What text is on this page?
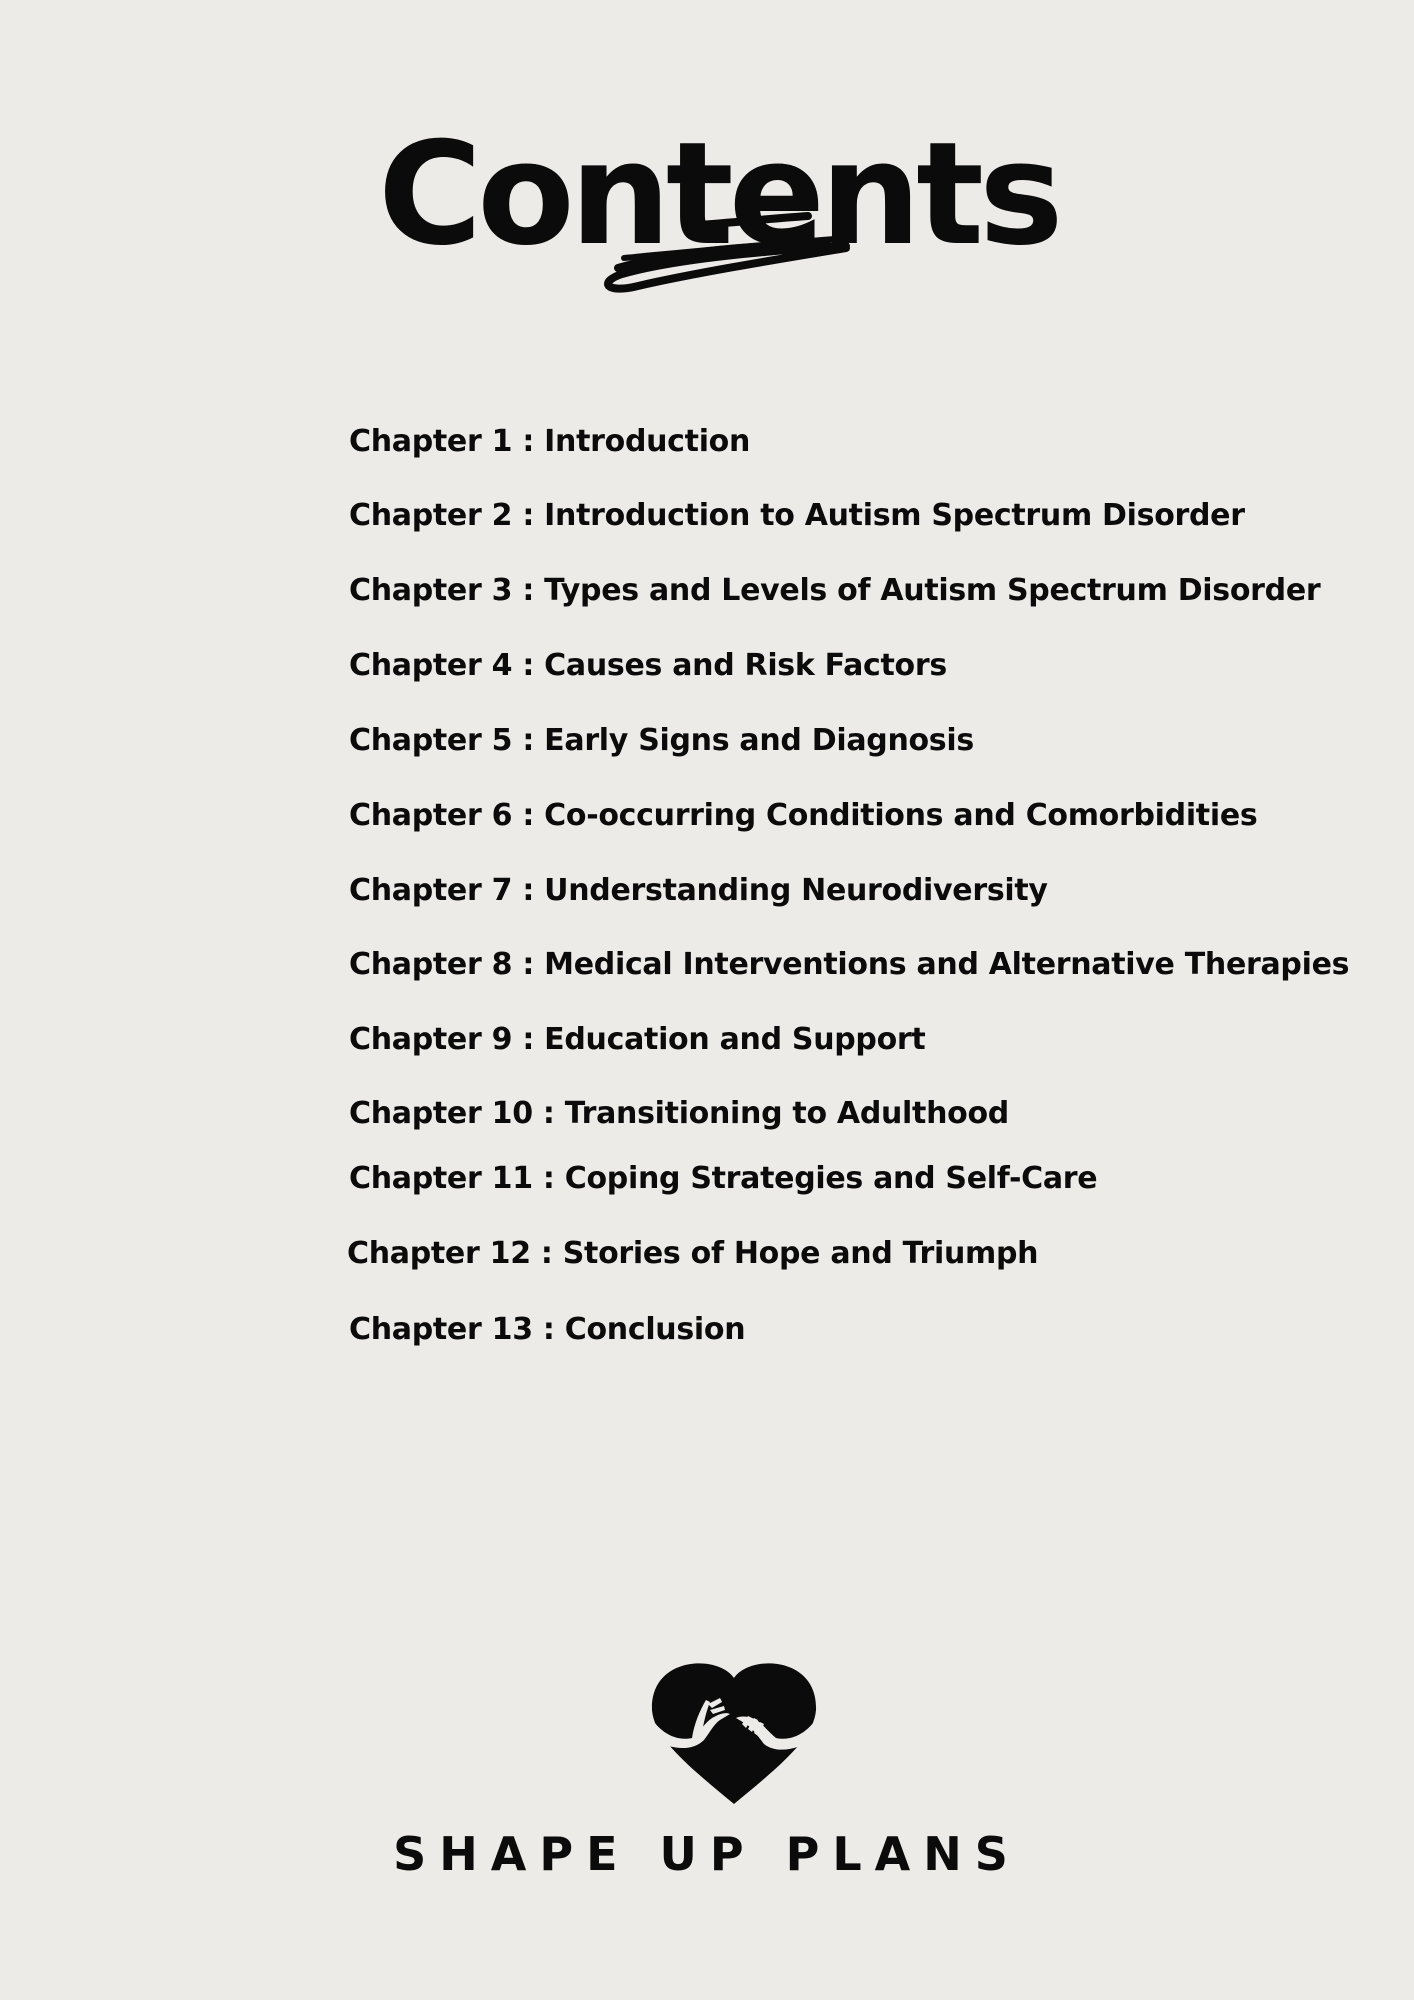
Contents

Chapter 1 : Introduction

Chapter 2 : Introduction to Autism Spectrum Disorder

Chapter 3 : Types and Levels of Autism Spectrum Disorder

Chapter 4 : Causes and Risk Factors

Chapter 5 : Early Signs and Diagnosis

Chapter 6 : Co-occurring Conditions and Comorbidities

Chapter 7 : Understanding Neurodiversity

Chapter 8 : Medical Interventions and Alternative Therapies

Chapter 9 : Education and Support

Chapter 10 : Transitioning to Adulthood

Chapter 11 : Coping Strategies and Self-Care

Chapter 12 : Stories of Hope and Triumph

Chapter 13 : Conclusion

SHAPE UP PLANS
